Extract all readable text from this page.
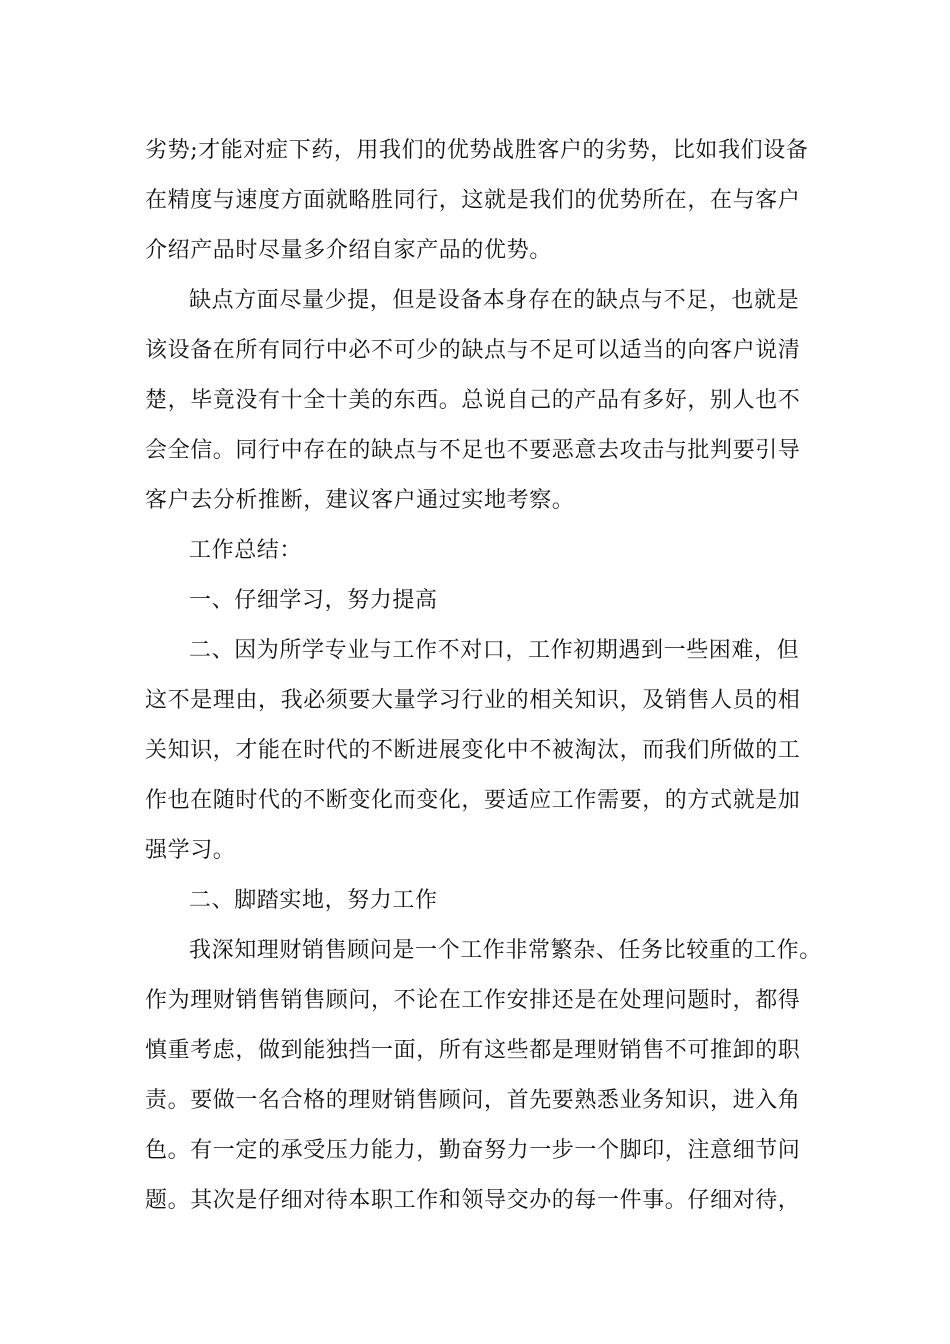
劣势;才能对症下药，用我们的优势战胜客户的劣势，比如我们设备
在精度与速度方面就略胜同行，这就是我们的优势所在，在与客户
介绍产品时尽量多介绍自家产品的优势。
缺点方面尽量少提，但是设备本身存在的缺点与不足，也就是
该设备在所有同行中必不可少的缺点与不足可以适当的向客户说清
楚，毕竟没有十全十美的东西。总说自己的产品有多好，别人也不
会全信。同行中存在的缺点与不足也不要恶意去攻击与批判要引导
客户去分析推断，建议客户通过实地考察。
工作总结：
一、仔细学习，努力提高
二、因为所学专业与工作不对口，工作初期遇到一些困难，但
这不是理由，我必须要大量学习行业的相关知识，及销售人员的相
关知识，才能在时代的不断进展变化中不被淘汰，而我们所做的工
作也在随时代的不断变化而变化，要适应工作需要，的方式就是加
强学习。
二、脚踏实地，努力工作
我深知理财销售顾问是一个工作非常繁杂、任务比较重的工作。
作为理财销售销售顾问，不论在工作安排还是在处理问题时，都得
慎重考虑，做到能独挡一面，所有这些都是理财销售不可推卸的职
责。要做一名合格的理财销售顾问，首先要熟悉业务知识，进入角
色。有一定的承受压力能力，勤奋努力一步一个脚印，注意细节问
题。其次是仔细对待本职工作和领导交办的每一件事。仔细对待，
